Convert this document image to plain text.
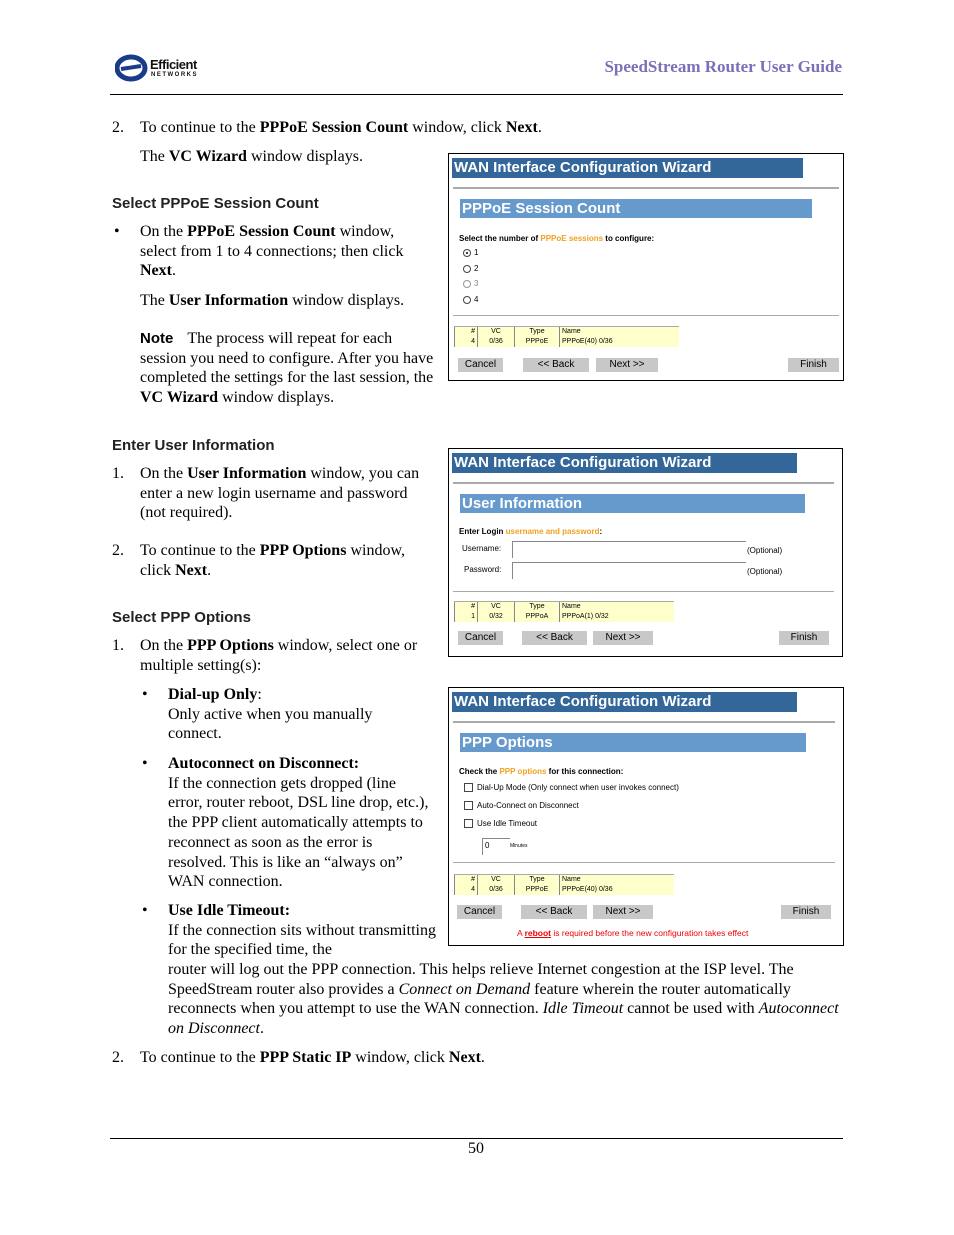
Efficient
NETWORKS	SpeedStream Router User Guide
2. To continue to the PPPoE Session Count window, click Next.
The VC Wizard window displays.
Select PPPoE Session Count
• On the PPPoE Session Count window, select from 1 to 4 connections; then click Next.
The User Information window displays.
Note The process will repeat for each session you need to configure. After you have completed the settings for the last session, the VC Wizard window displays.
Enter User Information
1. On the User Information window, you can enter a new login username and password (not required).
2. To continue to the PPP Options window, click Next.
Select PPP Options
1. On the PPP Options window, select one or multiple setting(s):
• Dial-up Only:
Only active when you manually connect.
• Autoconnect on Disconnect:
If the connection gets dropped (line error, router reboot, DSL line drop, etc.), the PPP client automatically attempts to reconnect as soon as the error is resolved. This is like an “always on” WAN connection.
• Use Idle Timeout:
If the connection sits without transmitting for the specified time, the
router will log out the PPP connection. This helps relieve Internet congestion at the ISP level. The SpeedStream router also provides a Connect on Demand feature wherein the router automatically reconnects when you attempt to use the WAN connection. Idle Timeout cannot be used with Autoconnect on Disconnect.
2. To continue to the PPP Static IP window, click Next.
50
WAN Interface Configuration Wizard
PPPoE Session Count
Select the number of PPPoE sessions to configure:
1
2
3
4
#	VC	Type	Name
4	0/36	PPPoE	PPPoE(40) 0/36
Cancel	<< Back	Next >>	Finish
WAN Interface Configuration Wizard
User Information
Enter Login username and password:
Username:	(Optional)
Password:	(Optional)
#	VC	Type	Name
1	0/32	PPPoA	PPPoA(1) 0/32
Cancel	<< Back	Next >>	Finish
WAN Interface Configuration Wizard
PPP Options
Check the PPP options for this connection:
Dial-Up Mode (Only connect when user invokes connect)
Auto-Connect on Disconnect
Use Idle Timeout
0	Minutes
#	VC	Type	Name
4	0/36	PPPoE	PPPoE(40) 0/36
Cancel	<< Back	Next >>	Finish
A reboot is required before the new configuration takes effect
